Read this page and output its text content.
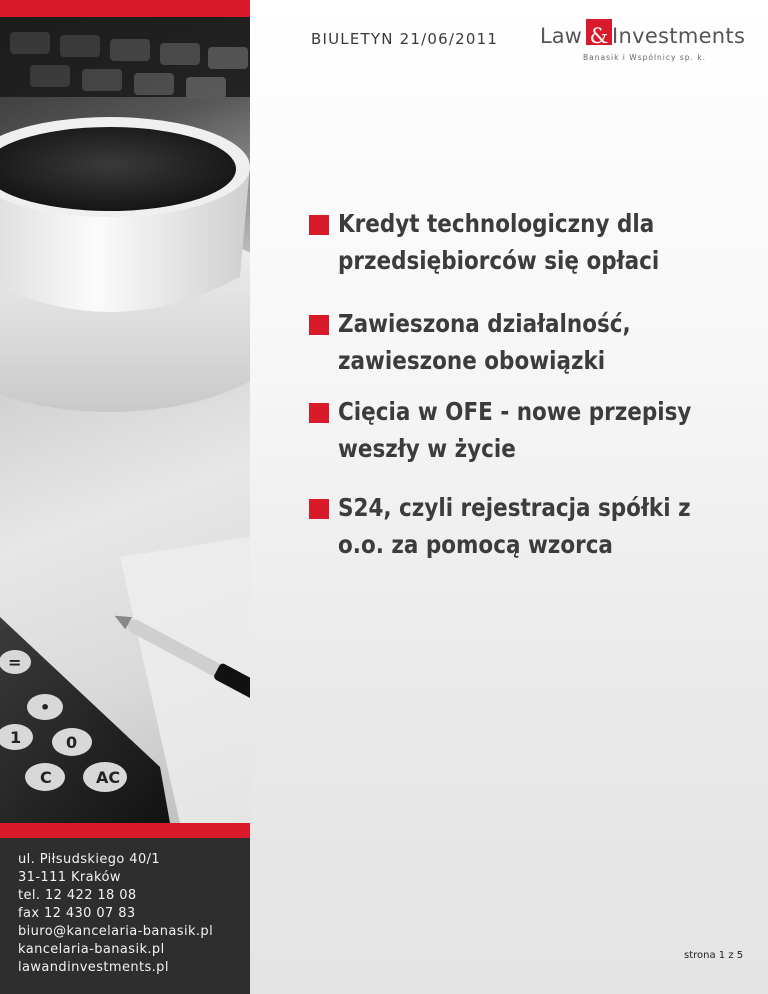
=
•
0
AC
1
C
ul. Piłsudskiego 40/1
31-111 Kraków
tel. 12 422 18 08
fax 12 430 07 83
biuro@kancelaria-banasik.pl
kancelaria-banasik.pl
lawandinvestments.pl
BIULETYN 21/06/2011 Law & Investments
Banasik i Wspólnicy sp. k.
Kredyt technologiczny dla przedsiębiorców się opłaci
Zawieszona działalność, zawieszone obowiązki
Cięcia w OFE - nowe przepisy weszły w życie
S24, czyli rejestracja spółki z o.o. za pomocą wzorca
strona 1 z 5
